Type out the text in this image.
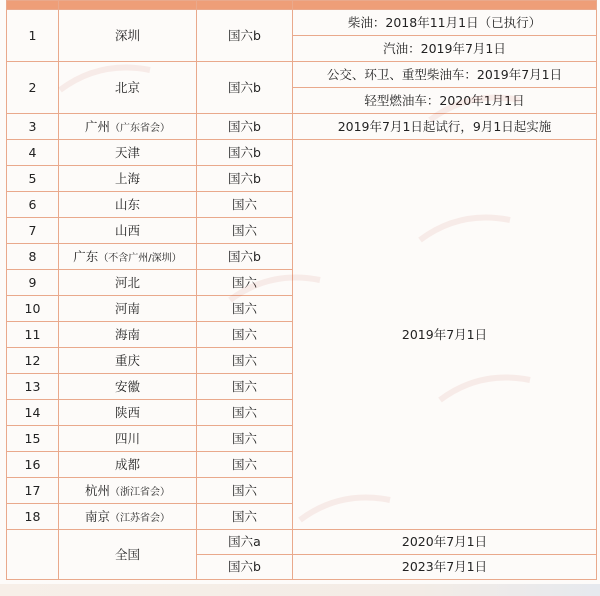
1	深圳	国六b	柴油：2018年11月1日（已执行）
			汽油：2019年7月1日
2	北京	国六b	公交、环卫、重型柴油车：2019年7月1日
			轻型燃油车：2020年1月1日
3	广州（广东省会）	国六b	2019年7月1日起试行，9月1日起实施
4	天津	国六b	2019年7月1日
5	上海	国六b	
6	山东	国六	
7	山西	国六	
8	广东（不含广州/深圳）	国六b	
9	河北	国六	
10	河南	国六	
11	海南	国六	
12	重庆	国六	
13	安徽	国六	
14	陕西	国六	
15	四川	国六	
16	成都	国六	
17	杭州（浙江省会）	国六	
18	南京（江苏省会）	国六	
	全国	国六a	2020年7月1日
		国六b	2023年7月1日
